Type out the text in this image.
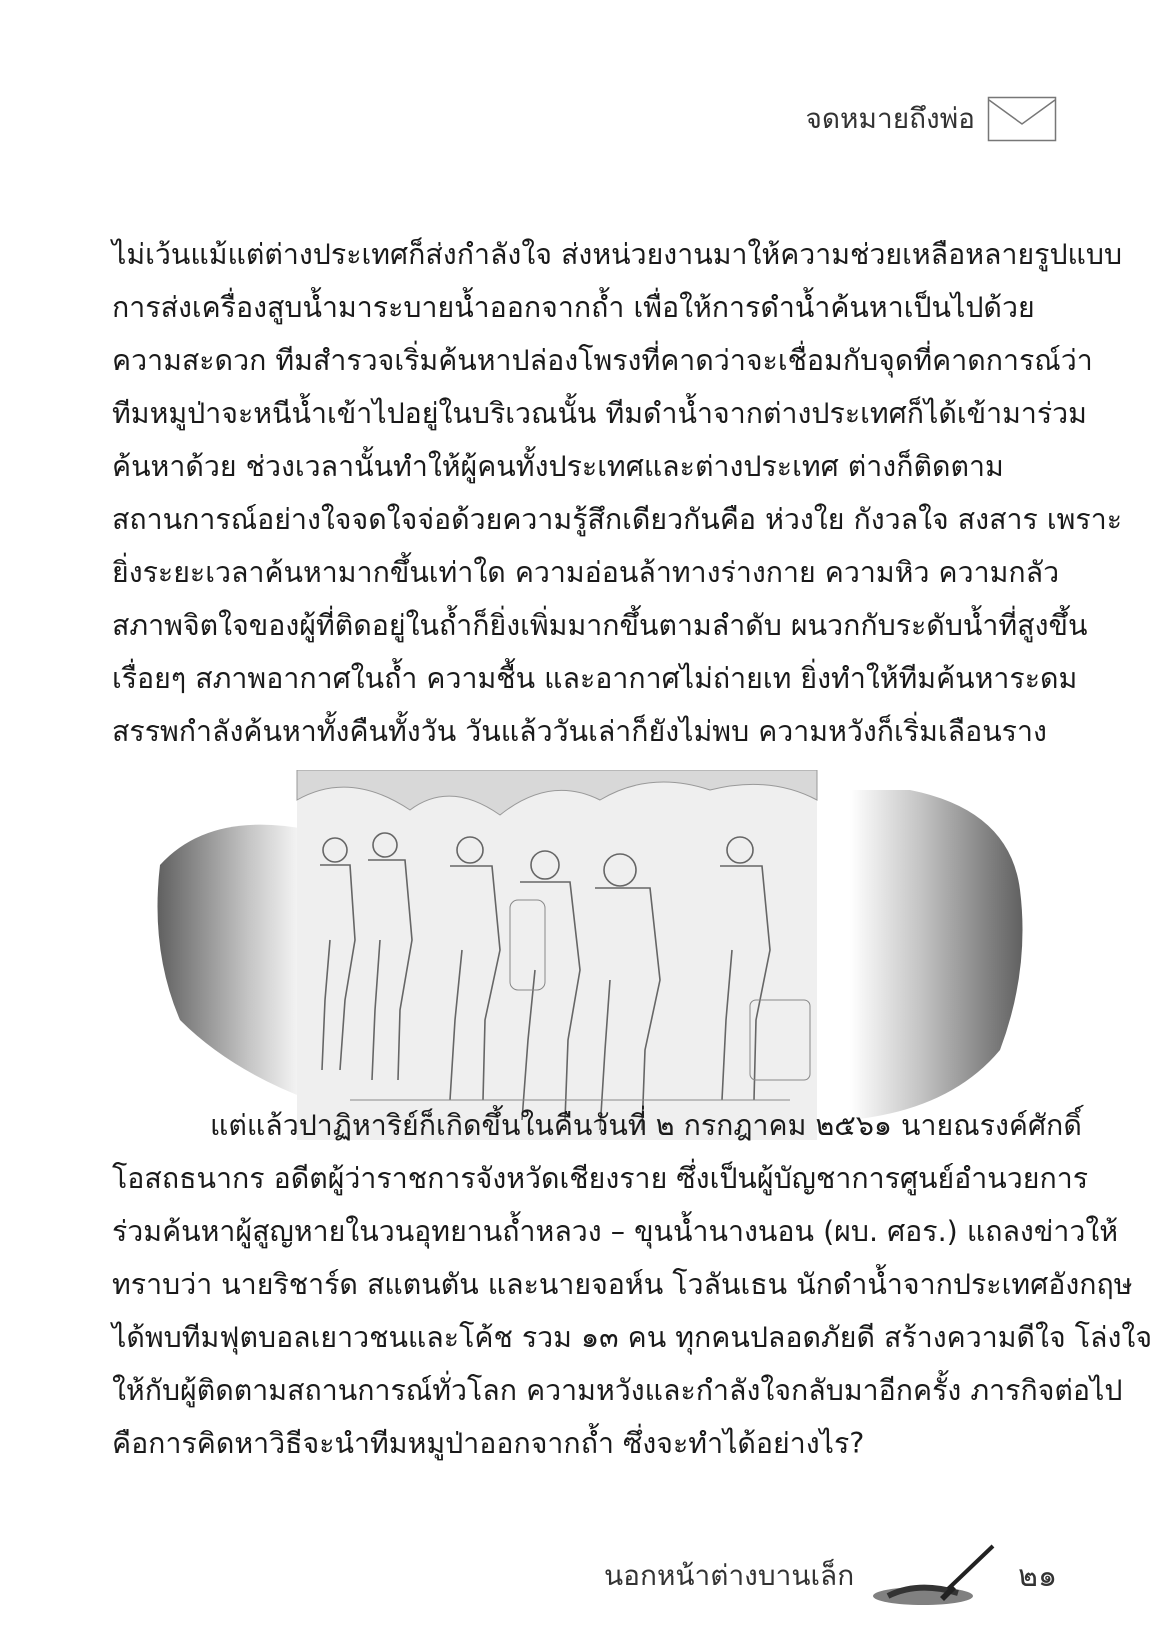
จดหมายถึงพ่อ

ไม่เว้นแม้แต่ต่างประเทศก็ส่งกำลังใจ ส่งหน่วยงานมาให้ความช่วยเหลือหลายรูปแบบ
การส่งเครื่องสูบน้ำมาระบายน้ำออกจากถ้ำ เพื่อให้การดำน้ำค้นหาเป็นไปด้วย
ความสะดวก ทีมสำรวจเริ่มค้นหาปล่องโพรงที่คาดว่าจะเชื่อมกับจุดที่คาดการณ์ว่า
ทีมหมูป่าจะหนีน้ำเข้าไปอยู่ในบริเวณนั้น ทีมดำน้ำจากต่างประเทศก็ได้เข้ามาร่วม
ค้นหาด้วย ช่วงเวลานั้นทำให้ผู้คนทั้งประเทศและต่างประเทศ ต่างก็ติดตาม
สถานการณ์อย่างใจจดใจจ่อด้วยความรู้สึกเดียวกันคือ ห่วงใย กังวลใจ สงสาร เพราะ
ยิ่งระยะเวลาค้นหามากขึ้นเท่าใด ความอ่อนล้าทางร่างกาย ความหิว ความกลัว
สภาพจิตใจของผู้ที่ติดอยู่ในถ้ำก็ยิ่งเพิ่มมากขึ้นตามลำดับ ผนวกกับระดับน้ำที่สูงขึ้น
เรื่อยๆ สภาพอากาศในถ้ำ ความชื้น และอากาศไม่ถ่ายเท ยิ่งทำให้ทีมค้นหาระดม
สรรพกำลังค้นหาทั้งคืนทั้งวัน วันแล้ววันเล่าก็ยังไม่พบ ความหวังก็เริ่มเลือนราง

แต่แล้วปาฏิหาริย์ก็เกิดขึ้นในคืนวันที่ ๒ กรกฎาคม ๒๕๖๑ นายณรงค์ศักดิ์
โอสถธนากร อดีตผู้ว่าราชการจังหวัดเชียงราย ซึ่งเป็นผู้บัญชาการศูนย์อำนวยการ
ร่วมค้นหาผู้สูญหายในวนอุทยานถ้ำหลวง – ขุนน้ำนางนอน (ผบ. ศอร.) แถลงข่าวให้
ทราบว่า นายริชาร์ด สแตนตัน และนายจอห์น โวลันเธน นักดำน้ำจากประเทศอังกฤษ
ได้พบทีมฟุตบอลเยาวชนและโค้ช รวม ๑๓ คน ทุกคนปลอดภัยดี สร้างความดีใจ โล่งใจ
ให้กับผู้ติดตามสถานการณ์ทั่วโลก ความหวังและกำลังใจกลับมาอีกครั้ง ภารกิจต่อไป
คือการคิดหาวิธีจะนำทีมหมูป่าออกจากถ้ำ ซึ่งจะทำได้อย่างไร?

นอกหน้าต่างบานเล็ก	๒๑
